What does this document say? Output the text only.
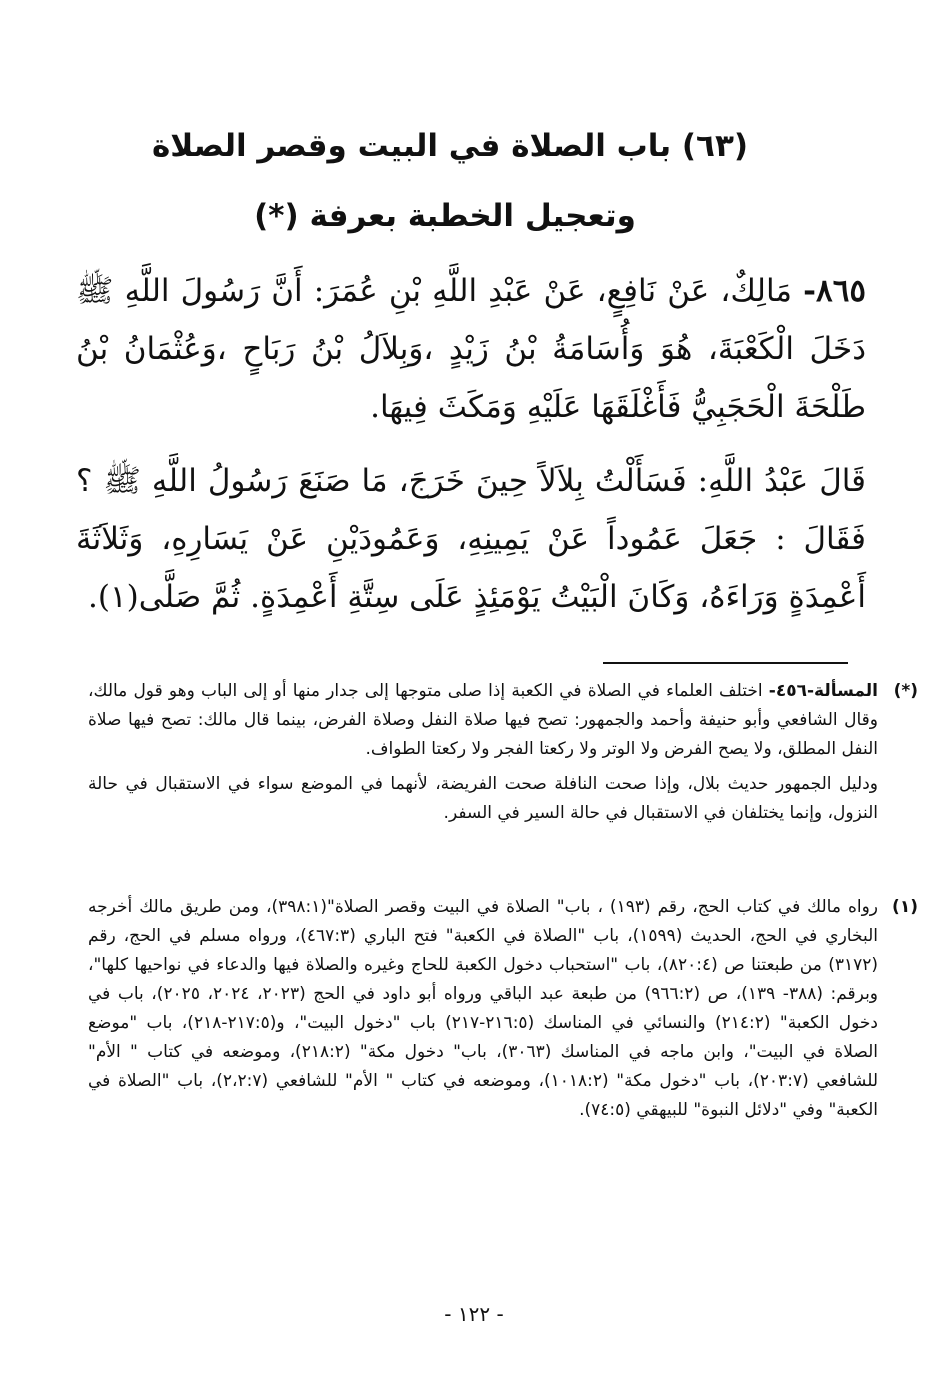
(٦٣) باب الصلاة في البيت وقصر الصلاة
وتعجيل الخطبة بعرفة (*)

٨٦٥- مَالِكٌ، عَنْ نَافِعٍ، عَنْ عَبْدِ اللَّهِ بْنِ عُمَرَ: أَنَّ رَسُولَ اللَّهِ ﷺ دَخَلَ الْكَعْبَةَ، هُوَ وَأُسَامَةُ بْنُ زَيْدٍ ،وَبِلاَلُ بْنُ رَبَاحٍ ،وَعُثْمَانُ بْنُ طَلْحَةَ الْحَجَبِيُّ فَأَغْلَقَهَا عَلَيْهِ وَمَكَثَ فِيهَا.

قَالَ عَبْدُ اللَّهِ: فَسَأَلْتُ بِلاَلاً حِينَ خَرَجَ، مَا صَنَعَ رَسُولُ اللَّهِ ﷺ ؟ فَقَالَ : جَعَلَ عَمُوداً عَنْ يَمِينِهِ، وَعَمُودَيْنِ عَنْ يَسَارِهِ، وَثَلاَثَةَ أَعْمِدَةٍ وَرَاءَهُ، وَكَانَ الْبَيْتُ يَوْمَئِذٍ عَلَى سِتَّةِ أَعْمِدَةٍ. ثُمَّ صَلَّى(١).

(*)

المسألة-٤٥٦- اختلف العلماء في الصلاة في الكعبة إذا صلى متوجها إلى جدار منها أو إلى الباب وهو قول مالك، وقال الشافعي وأبو حنيفة وأحمد والجمهور: تصح فيها صلاة النفل وصلاة الفرض، بينما قال مالك: تصح فيها صلاة النفل المطلق، ولا يصح الفرض ولا الوتر ولا ركعتا الفجر ولا ركعتا الطواف.

ودليل الجمهور حديث بلال، وإذا صحت النافلة صحت الفريضة، لأنهما في الموضع سواء في الاستقبال في حالة النزول، وإنما يختلفان في الاستقبال في حالة السير في السفر.

(١)

رواه مالك في كتاب الحج، رقم (١٩٣) ، باب" الصلاة في البيت وقصر الصلاة"(٣٩٨:١)، ومن طريق مالك أخرجه البخاري في الحج، الحديث (١٥٩٩)، باب "الصلاة في الكعبة" فتح الباري (٤٦٧:٣)، ورواه مسلم في الحج، رقم (٣١٧٢) من طبعتنا ص (٨٢٠:٤)، باب "استحباب دخول الكعبة للحاج وغيره والصلاة فيها والدعاء في نواحيها كلها"، وبرقم: (٣٨٨- ١٣٩)، ص (٩٦٦:٢) من طبعة عبد الباقي ورواه أبو داود في الحج (٢٠٢٣، ٢٠٢٤، ٢٠٢٥)، باب في دخول الكعبة" (٢١٤:٢) والنسائي في المناسك (٢١٦:٥-٢١٧) باب "دخول البيت"، و(٢١٧:٥-٢١٨)، باب "موضع الصلاة في البيت"، وابن ماجه في المناسك (٣٠٦٣)، باب" دخول مكة" (٢١٨:٢)، وموضعه في كتاب " الأم" للشافعي (٢٠٣:٧)، باب "دخول مكة" (١٠١٨:٢)، وموضعه في كتاب " الأم" للشافعي (٢،٢:٧)، باب "الصلاة في الكعبة" وفي "دلائل النبوة" للبيهقي (٧٤:٥).

- ١٢٢ -
